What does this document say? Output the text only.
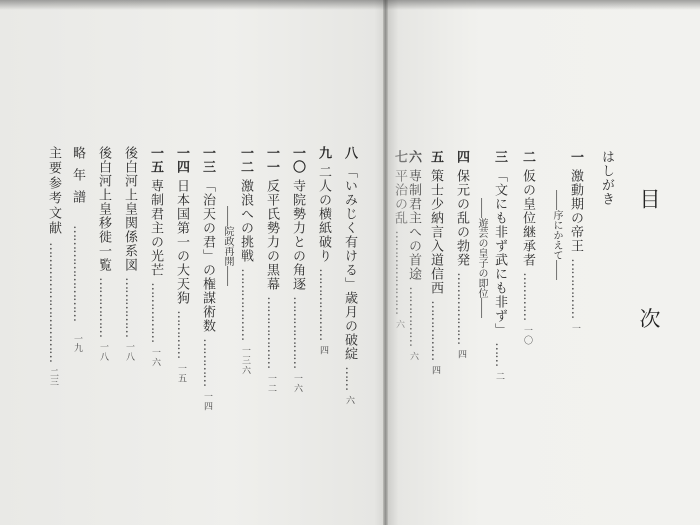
目 次
はしがき
一 激動期の帝王 …………… 一
――序にかえて――
二 仮の皇位継承者 ………… 一〇
三 「文にも非ず武にも非ず」 …… 二
――遊芸の皇子の即位――
四 保元の乱の勃発 ……………… 四
五 策士少納言入道信西 …………… 四
六 専制君主への首途 …………… 六
七 平治の乱 ………………… 六
八 「いみじく有ける」歳月の破綻 …… 六
九 二人の横紙破り ……………… 四
一〇 寺院勢力との角逐 ……………… 一六
一一 反平氏勢力の黒幕 ……………… 一二
一二 激浪への挑戦 ……………… 一三六
――院政再開――
一三 「治天の君」の権謀術数 ………… 一四
一四 日本国第一の大天狗 ………… 一五
一五 専制君主の光芒 …………… 一六
後白河上皇関係系図 …………… 一八
後白河上皇移徙一覧 …………… 一八
略年譜 …………………… 一九
主要参考文献 ………………………… 二三
